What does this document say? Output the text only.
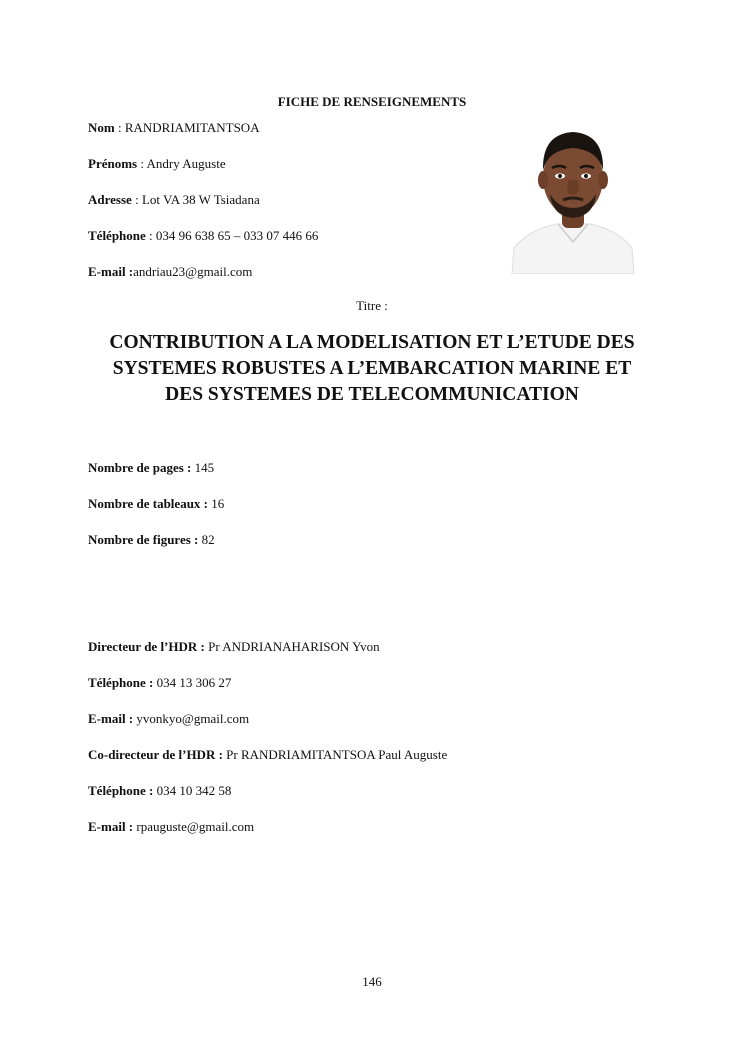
FICHE DE RENSEIGNEMENTS
Nom : RANDRIAMITANTSOA
Prénoms : Andry Auguste
Adresse : Lot VA 38 W Tsiadana
Téléphone : 034 96 638 65 – 033 07 446 66
E-mail :andriau23@gmail.com
Titre :
CONTRIBUTION A LA MODELISATION ET L’ETUDE DES
SYSTEMES ROBUSTES A L’EMBARCATION MARINE ET
DES SYSTEMES DE TELECOMMUNICATION
Nombre de pages : 145
Nombre de tableaux : 16
Nombre de figures : 82
Directeur de l’HDR : Pr ANDRIANAHARISON Yvon
Téléphone : 034 13 306 27
E-mail : yvonkyo@gmail.com
Co-directeur de l’HDR : Pr RANDRIAMITANTSOA Paul Auguste
Téléphone : 034 10 342 58
E-mail : rpauguste@gmail.com
146
